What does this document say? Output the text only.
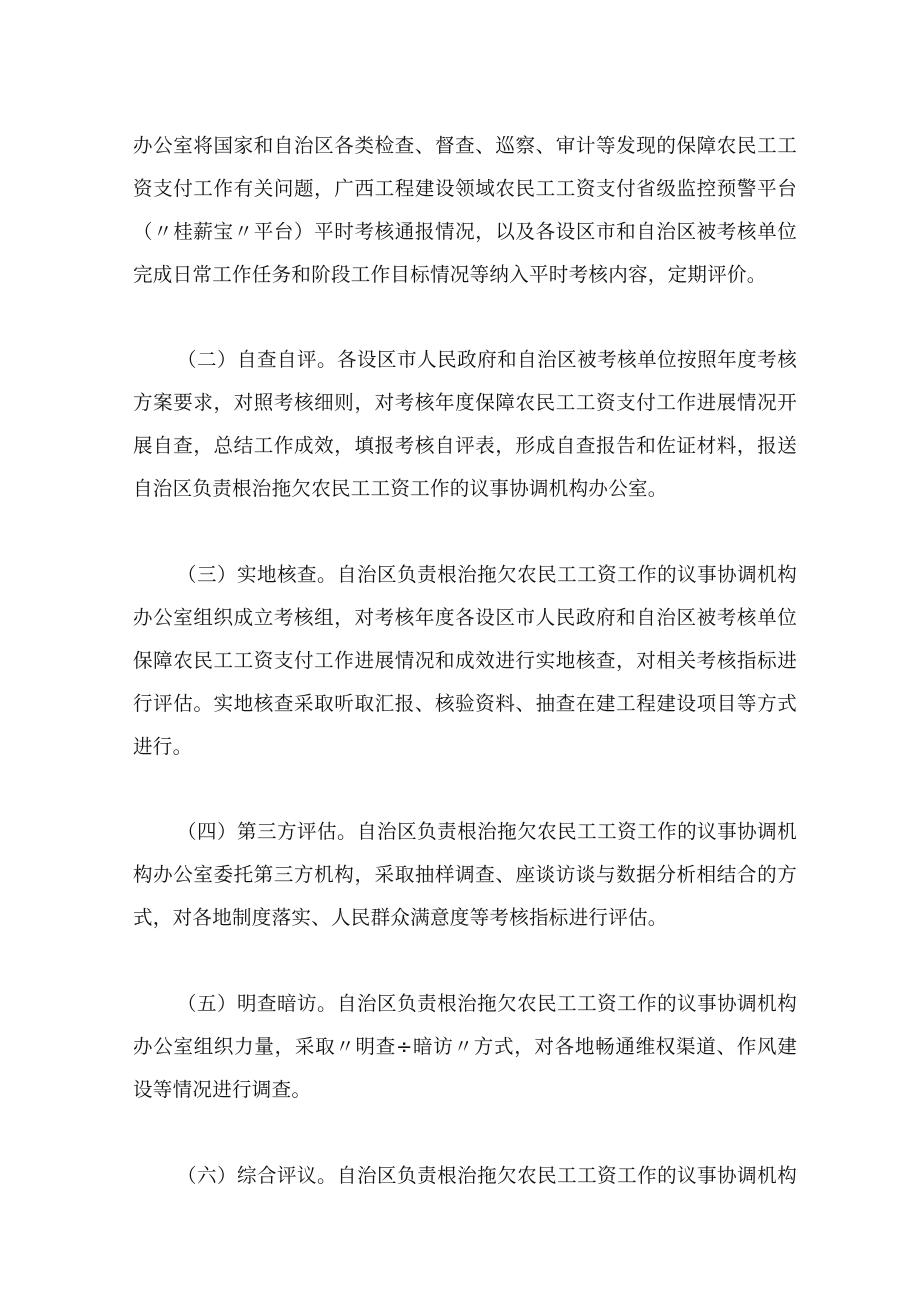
办公室将国家和自治区各类检查、督查、巡察、审计等发现的保障农民工工
资支付工作有关问题，广西工程建设领域农民工工资支付省级监控预警平台
（〃桂薪宝〃平台）平时考核通报情况，以及各设区市和自治区被考核单位
完成日常工作任务和阶段工作目标情况等纳入平时考核内容，定期评价。
（二）自查自评。各设区市人民政府和自治区被考核单位按照年度考核
方案要求，对照考核细则，对考核年度保障农民工工资支付工作进展情况开
展自查，总结工作成效，填报考核自评表，形成自查报告和佐证材料，报送
自治区负责根治拖欠农民工工资工作的议事协调机构办公室。
（三）实地核查。自治区负责根治拖欠农民工工资工作的议事协调机构
办公室组织成立考核组，对考核年度各设区市人民政府和自治区被考核单位
保障农民工工资支付工作进展情况和成效进行实地核查，对相关考核指标进
行评估。实地核查采取听取汇报、核验资料、抽查在建工程建设项目等方式
进行。
（四）第三方评估。自治区负责根治拖欠农民工工资工作的议事协调机
构办公室委托第三方机构，采取抽样调查、座谈访谈与数据分析相结合的方
式，对各地制度落实、人民群众满意度等考核指标进行评估。
（五）明查暗访。自治区负责根治拖欠农民工工资工作的议事协调机构
办公室组织力量，采取〃明查÷暗访〃方式，对各地畅通维权渠道、作风建
设等情况进行调查。
（六）综合评议。自治区负责根治拖欠农民工工资工作的议事协调机构
